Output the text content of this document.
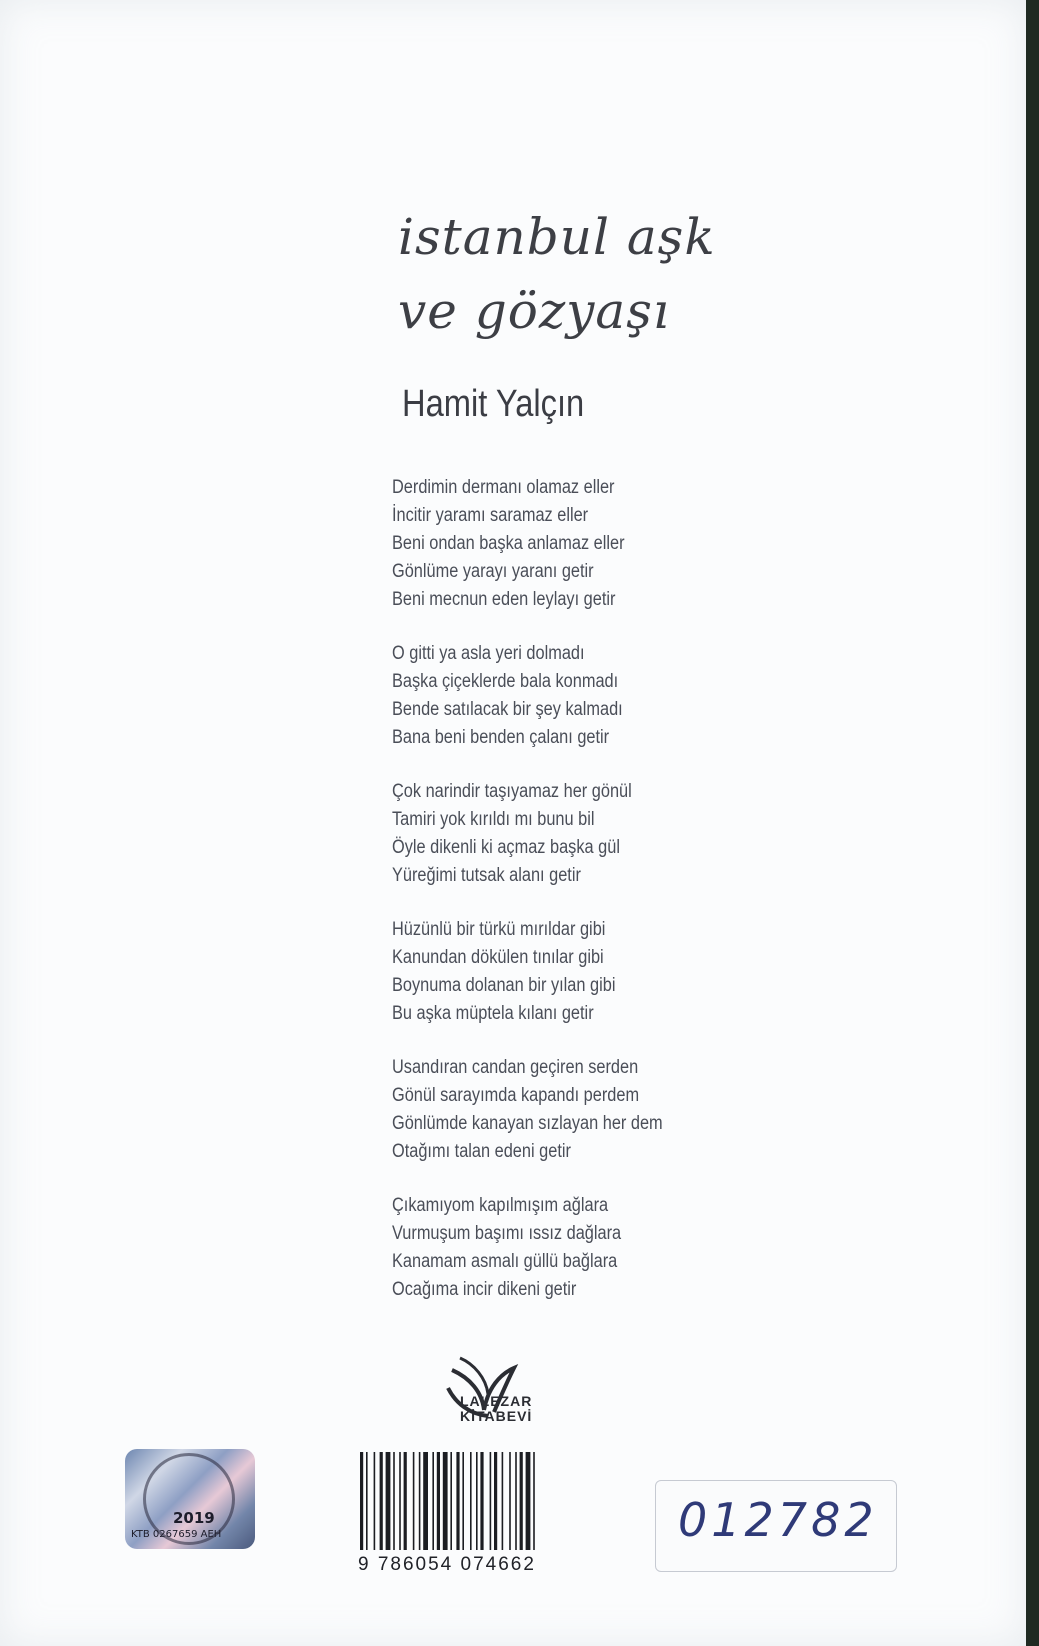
istanbul aşk
ve gözyaşı
Hamit Yalçın
Derdimin dermanı olamaz eller
İncitir yaramı saramaz eller
Beni ondan başka anlamaz eller
Gönlüme yarayı yaranı getir
Beni mecnun eden leylayı getir
O gitti ya asla yeri dolmadı
Başka çiçeklerde bala konmadı
Bende satılacak bir şey kalmadı
Bana beni benden çalanı getir
Çok narindir taşıyamaz her gönül
Tamiri yok kırıldı mı bunu bil
Öyle dikenli ki açmaz başka gül
Yüreğimi tutsak alanı getir
Hüzünlü bir türkü mırıldar gibi
Kanundan dökülen tınılar gibi
Boynuma dolanan bir yılan gibi
Bu aşka müptela kılanı getir
Usandıran candan geçiren serden
Gönül sarayımda kapandı perdem
Gönlümde kanayan sızlayan her dem
Otağımı talan edeni getir
Çıkamıyom kapılmışım ağlara
Vurmuşum başımı ıssız dağlara
Kanamam asmalı güllü bağlara
Ocağıma incir dikeni getir
LALEZAR
KİTABEVİ
2019
KTB 0267659 AEH
9 786054 074662
012782
